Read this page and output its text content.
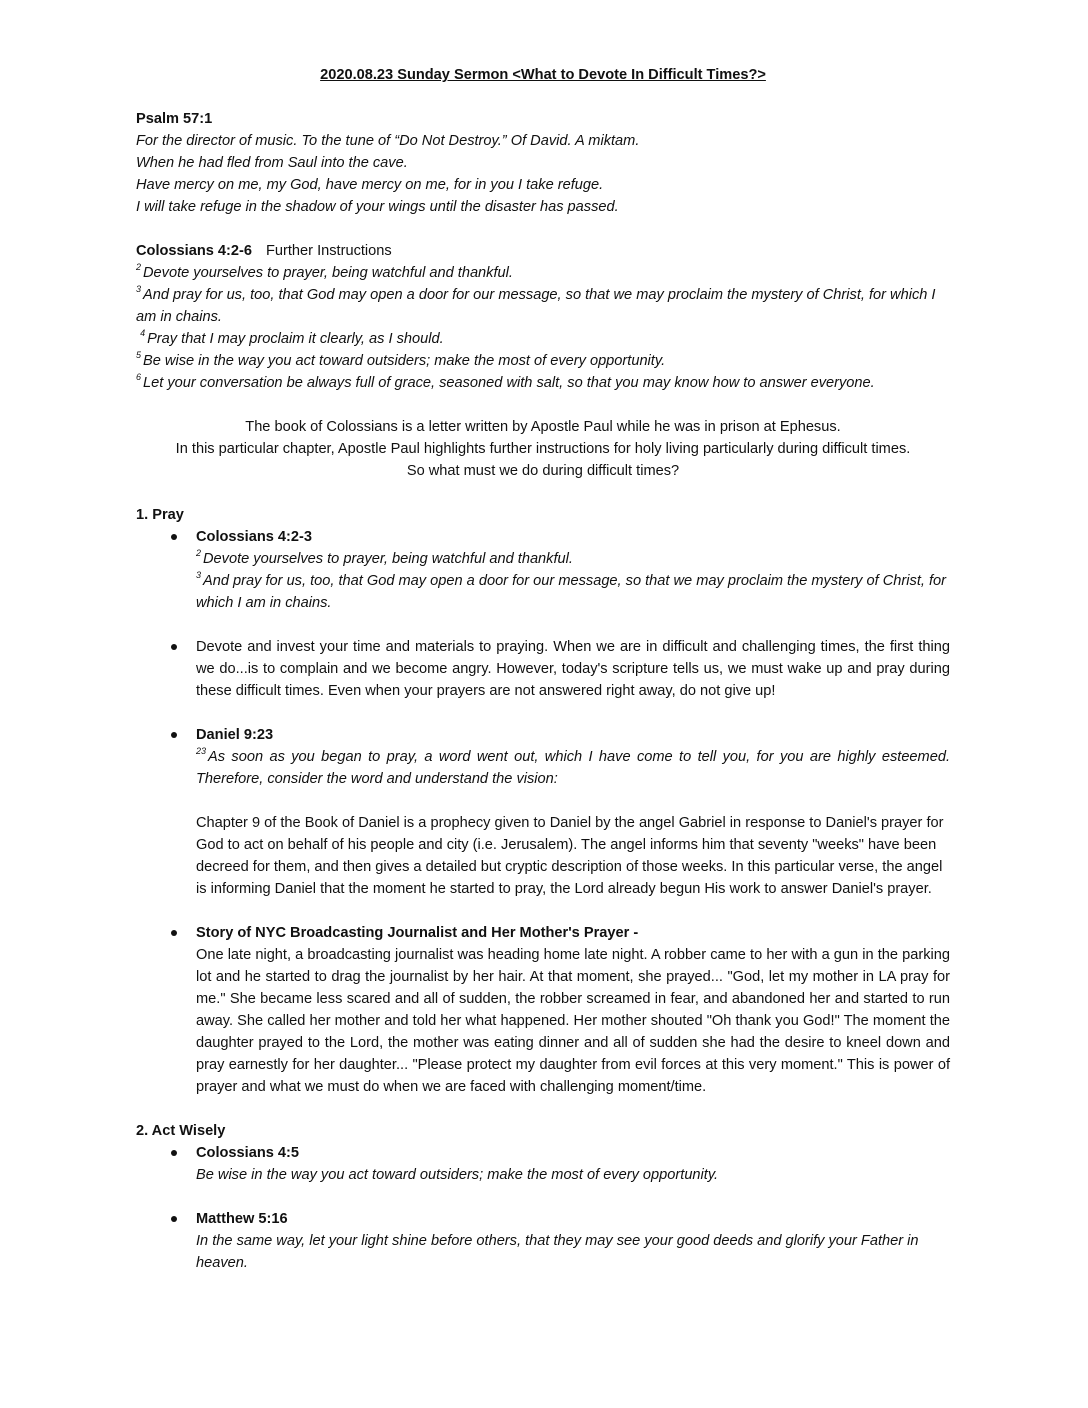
2020.08.23 Sunday Sermon <What to Devote In Difficult Times?>
Psalm 57:1
For the director of music. To the tune of “Do Not Destroy.” Of David. A miktam.
When he had fled from Saul into the cave.
Have mercy on me, my God, have mercy on me, for in you I take refuge.
I will take refuge in the shadow of your wings until the disaster has passed.
Colossians 4:2-6 Further Instructions
$^2$ Devote yourselves to prayer, being watchful and thankful.
$^3$ And pray for us, too, that God may open a door for our message, so that we may proclaim the mystery of Christ, for which I am in chains.
$^4$ Pray that I may proclaim it clearly, as I should.
$^5$ Be wise in the way you act toward outsiders; make the most of every opportunity.
$^6$ Let your conversation be always full of grace, seasoned with salt, so that you may know how to answer everyone.
The book of Colossians is a letter written by Apostle Paul while he was in prison at Ephesus.
In this particular chapter, Apostle Paul highlights further instructions for holy living particularly during difficult times.
So what must we do during difficult times?
1. Pray
Colossians 4:2-3
$^2$ Devote yourselves to prayer, being watchful and thankful.
$^3$ And pray for us, too, that God may open a door for our message, so that we may proclaim the mystery of Christ, for which I am in chains.
Devote and invest your time and materials to praying. When we are in difficult and challenging times, the first thing we do...is to complain and we become angry. However, today's scripture tells us, we must wake up and pray during these difficult times. Even when your prayers are not answered right away, do not give up!
Daniel 9:23
$^{23}$ As soon as you began to pray, a word went out, which I have come to tell you, for you are highly esteemed. Therefore, consider the word and understand the vision:
Chapter 9 of the Book of Daniel is a prophecy given to Daniel by the angel Gabriel in response to Daniel's prayer for God to act on behalf of his people and city (i.e. Jerusalem). The angel informs him that seventy "weeks" have been decreed for them, and then gives a detailed but cryptic description of those weeks. In this particular verse, the angel is informing Daniel that the moment he started to pray, the Lord already begun His work to answer Daniel's prayer.
Story of NYC Broadcasting Journalist and Her Mother's Prayer -
One late night, a broadcasting journalist was heading home late night. A robber came to her with a gun in the parking lot and he started to drag the journalist by her hair. At that moment, she prayed... "God, let my mother in LA pray for me." She became less scared and all of sudden, the robber screamed in fear, and abandoned her and started to run away. She called her mother and told her what happened. Her mother shouted "Oh thank you God!" The moment the daughter prayed to the Lord, the mother was eating dinner and all of sudden she had the desire to kneel down and pray earnestly for her daughter... "Please protect my daughter from evil forces at this very moment." This is power of prayer and what we must do when we are faced with challenging moment/time.
2. Act Wisely
Colossians 4:5
Be wise in the way you act toward outsiders; make the most of every opportunity.
Matthew 5:16
In the same way, let your light shine before others, that they may see your good deeds and glorify your Father in heaven.
